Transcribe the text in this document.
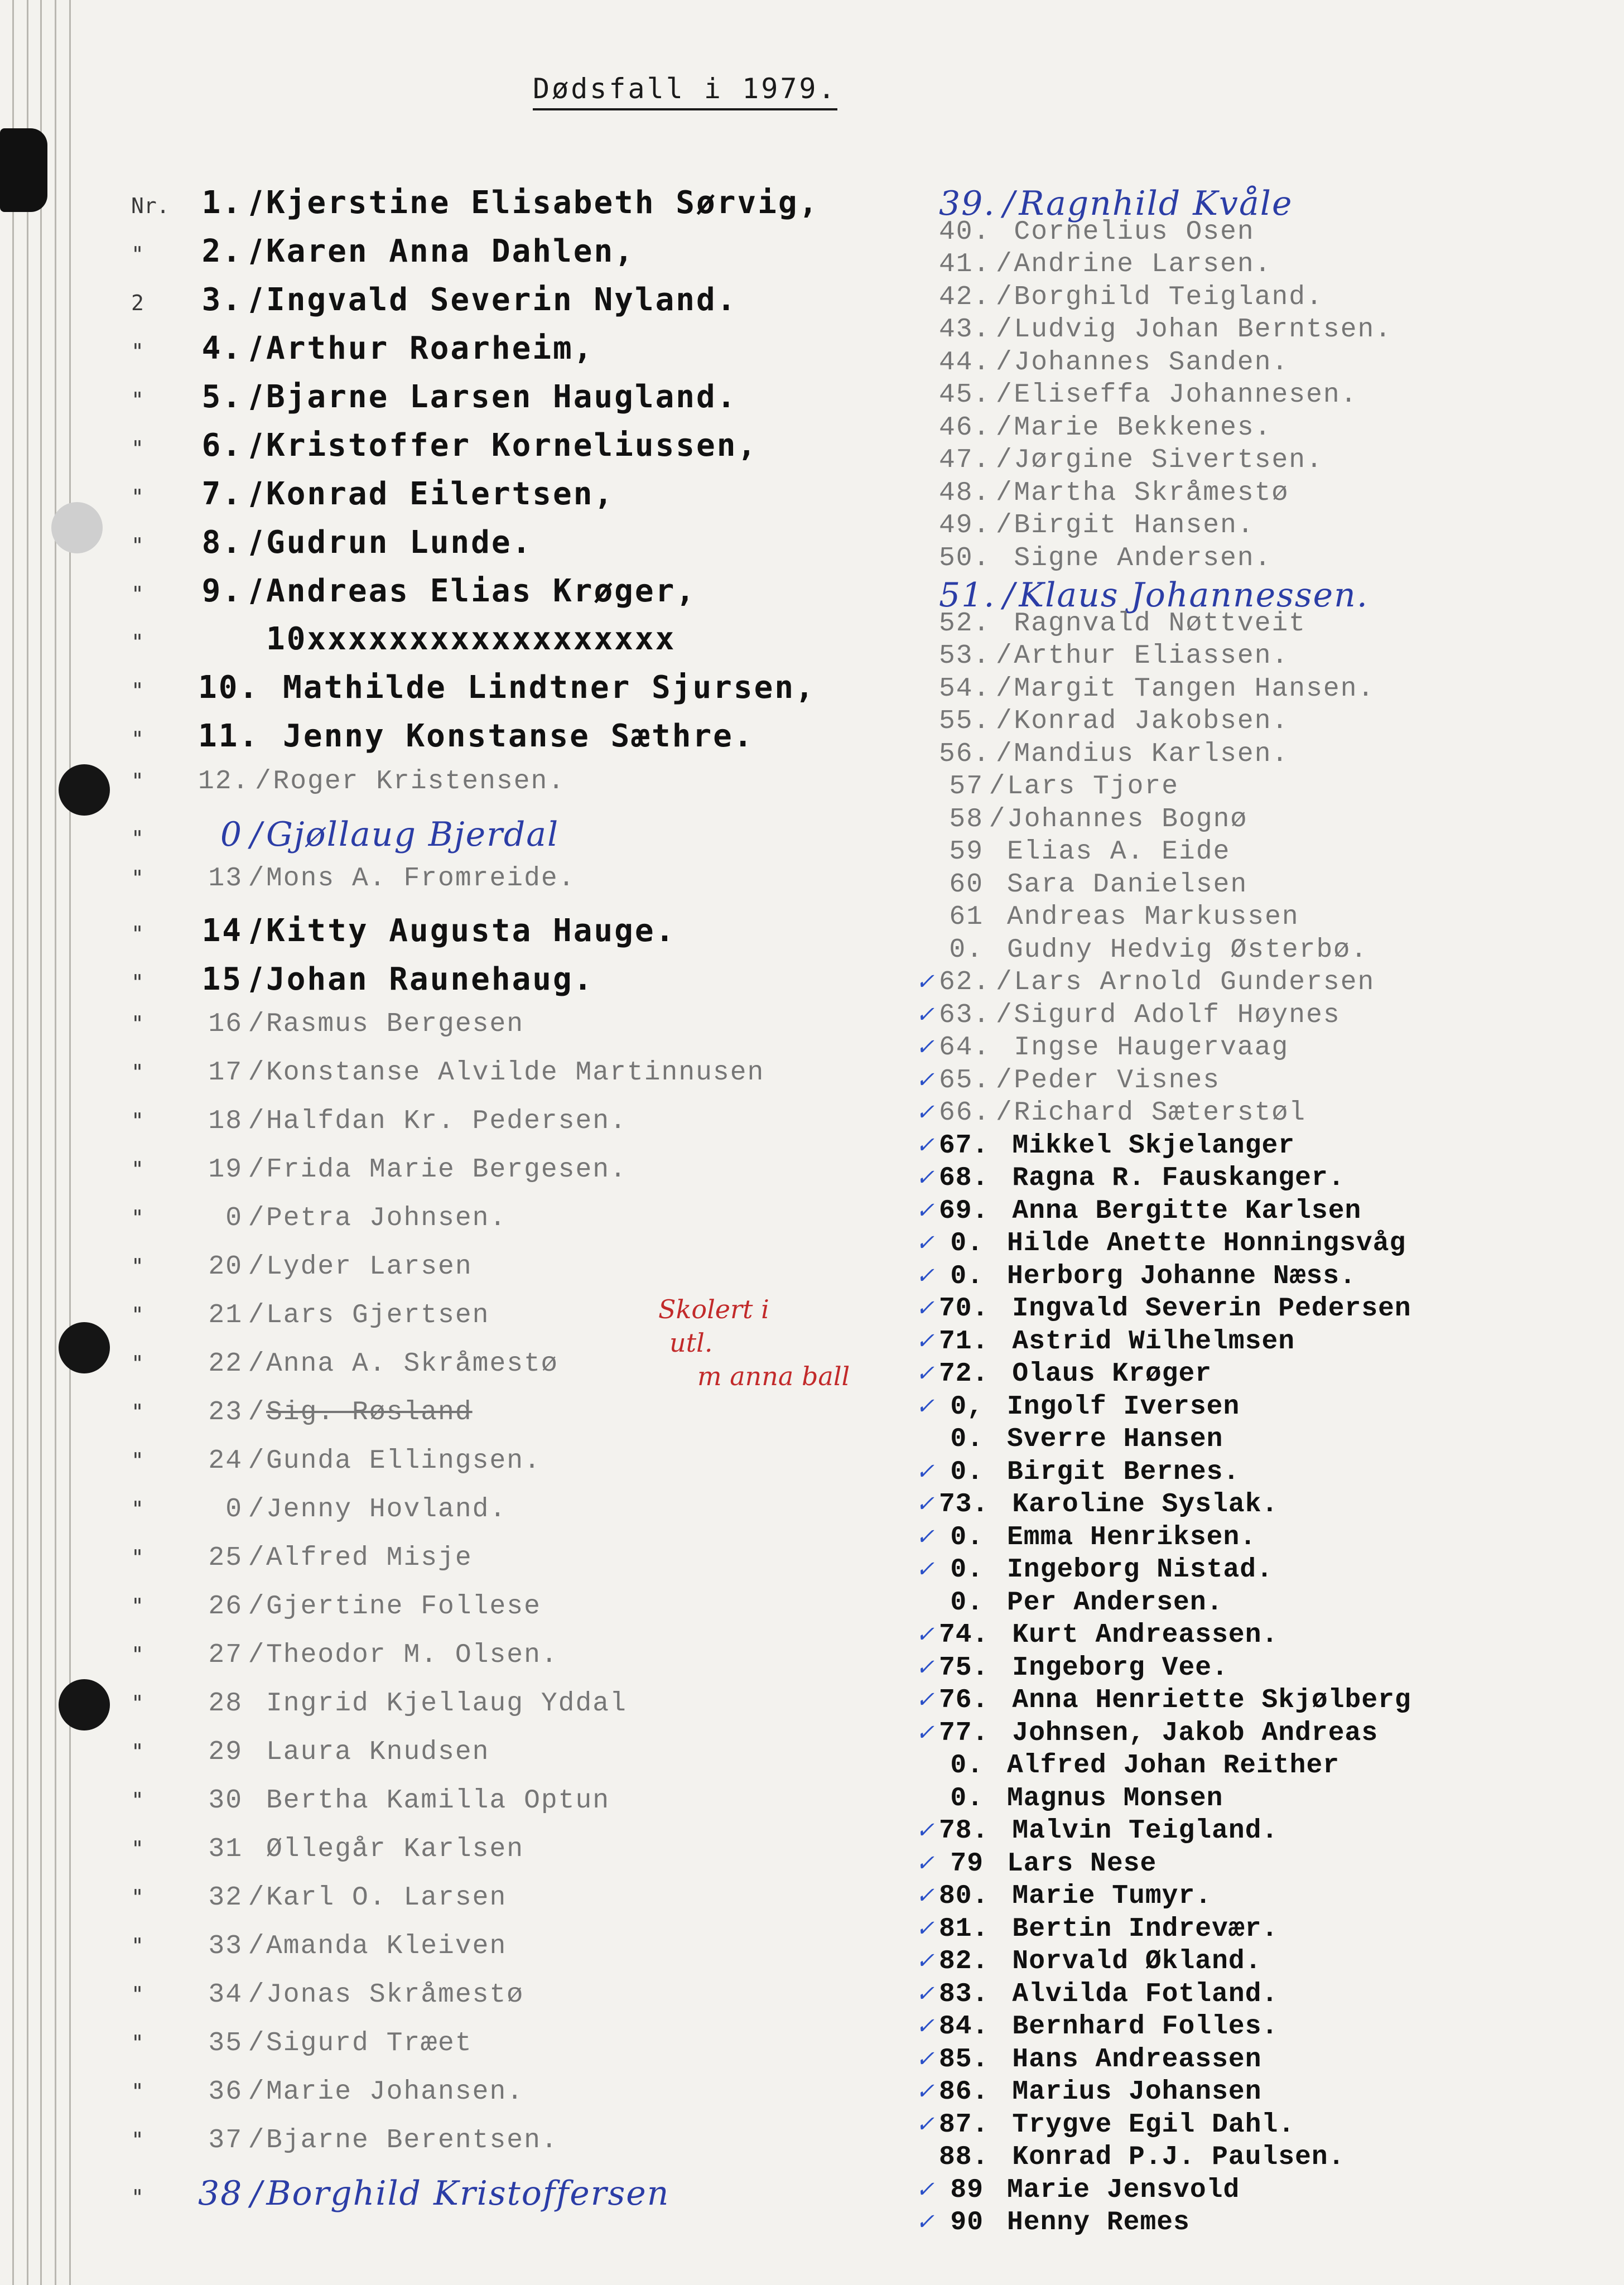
Dødsfall i 1979.
Nr.	1. / Kjerstine Elisabeth Sørvig,
"	2. / Karen Anna Dahlen,
2	3. / Ingvald Severin Nyland.
"	4. / Arthur Roarheim,
"	5. / Bjarne Larsen Haugland.
"	6. / Kristoffer Korneliussen,
"	7. / Konrad Eilertsen,
"	8. / Gudrun Lunde.
"	9. / Andreas Elias Krøger,
"	10xxxxxxxxxxxxxxxxxx
"	10. Mathilde Lindtner Sjursen,
"	11. Jenny Konstanse Sæthre.
"	12. / Roger Kristensen.
"	0 / Gjøllaug Bjerdal
"	13 / Mons A. Fromreide.
"	14 / Kitty Augusta Hauge.
"	15 / Johan Raunehaug.
"	16 / Rasmus Bergesen
"	17 / Konstanse Alvilde Martinnusen
"	18 / Halfdan Kr. Pedersen.
"	19 / Frida Marie Bergesen.
"	0 / Petra Johnsen.
"	20 / Lyder Larsen
"	21 / Lars Gjertsen
"	22 / Anna A. Skråmestø
"	23 / Sig. Røsland
"	24 / Gunda Ellingsen.
"	0 / Jenny Hovland.
"	25 / Alfred Misje
"	26 / Gjertine Follese
"	27 / Theodor M. Olsen.
"	28 Ingrid Kjellaug Yddal
"	29 Laura Knudsen
"	30 Bertha Kamilla Optun
"	31 Øllegår Karlsen
"	32 / Karl O. Larsen
"	33 / Amanda Kleiven
"	34 / Jonas Skråmestø
"	35 / Sigurd Træet
"	36 / Marie Johansen.
"	37 / Bjarne Berentsen.
"	38 / Borghild Kristoffersen
39. / Ragnhild Kvåle
40. Cornelius Osen
41. / Andrine Larsen.
42. / Borghild Teigland.
43. / Ludvig Johan Berntsen.
44. / Johannes Sanden.
45. / Eliseffa Johannesen.
46. / Marie Bekkenes.
47. / Jørgine Sivertsen.
48. / Martha Skråmestø
49. / Birgit Hansen.
50. Signe Andersen.
51. / Klaus Johannessen.
52. Ragnvald Nøttveit
53. / Arthur Eliassen.
54. / Margit Tangen Hansen.
55. / Konrad Jakobsen.
56. / Mandius Karlsen.
57 / Lars Tjore
58 / Johannes Bognø
59 Elias A. Eide
60 Sara Danielsen
61 Andreas Markussen
0. Gudny Hedvig Østerbø.
✓ 62. / Lars Arnold Gundersen
✓ 63. / Sigurd Adolf Høynes
✓ 64. Ingse Haugervaag
✓ 65. / Peder Visnes
✓ 66. / Richard Sæterstøl
✓ 67. Mikkel Skjelanger
✓ 68. Ragna R. Fauskanger.
✓ 69. Anna Bergitte Karlsen
✓ 0. Hilde Anette Honningsvåg
✓ 0. Herborg Johanne Næss.
✓ 70. Ingvald Severin Pedersen
✓ 71. Astrid Wilhelmsen
✓ 72. Olaus Krøger
✓ 0, Ingolf Iversen
0. Sverre Hansen
✓ 0. Birgit Bernes.
✓ 73. Karoline Syslak.
✓ 0. Emma Henriksen.
✓ 0. Ingeborg Nistad.
0. Per Andersen.
✓ 74. Kurt Andreassen.
✓ 75. Ingeborg Vee.
✓ 76. Anna Henriette Skjølberg
✓ 77. Johnsen, Jakob Andreas
0. Alfred Johan Reither
0. Magnus Monsen
✓ 78. Malvin Teigland.
✓ 79 Lars Nese
✓ 80. Marie Tumyr.
✓ 81. Bertin Indrevær.
✓ 82. Norvald Økland.
✓ 83. Alvilda Fotland.
✓ 84. Bernhard Folles.
✓ 85. Hans Andreassen
✓ 86. Marius Johansen
✓ 87. Trygve Egil Dahl.
88. Konrad P.J. Paulsen.
✓ 89 Marie Jensvold
✓ 90 Henny Remes
Skolert i
utl.
m anna ball
